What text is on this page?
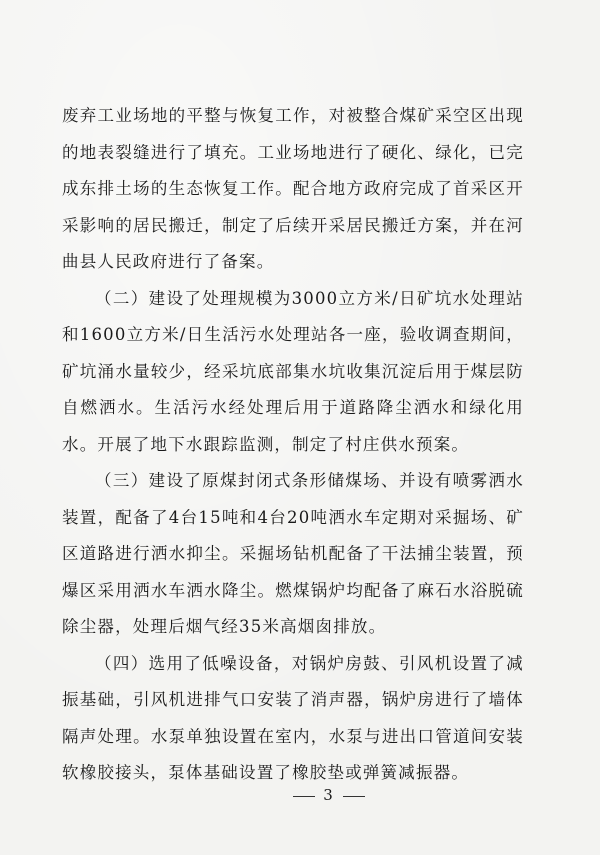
废弃工业场地的平整与恢复工作，对被整合煤矿采空区出现的地表裂缝进行了填充。工业场地进行了硬化、绿化，已完成东排土场的生态恢复工作。配合地方政府完成了首采区开采影响的居民搬迁，制定了后续开采居民搬迁方案，并在河曲县人民政府进行了备案。

（二）建设了处理规模为3000立方米/日矿坑水处理站和1600立方米/日生活污水处理站各一座，验收调查期间，矿坑涌水量较少，经采坑底部集水坑收集沉淀后用于煤层防自燃洒水。生活污水经处理后用于道路降尘洒水和绿化用水。开展了地下水跟踪监测，制定了村庄供水预案。

（三）建设了原煤封闭式条形储煤场、并设有喷雾洒水装置，配备了4台15吨和4台20吨洒水车定期对采掘场、矿区道路进行洒水抑尘。采掘场钻机配备了干法捕尘装置，预爆区采用洒水车洒水降尘。燃煤锅炉均配备了麻石水浴脱硫除尘器，处理后烟气经35米高烟囱排放。

（四）选用了低噪设备，对锅炉房鼓、引风机设置了减振基础，引风机进排气口安装了消声器，锅炉房进行了墙体隔声处理。水泵单独设置在室内，水泵与进出口管道间安装软橡胶接头，泵体基础设置了橡胶垫或弹簧减振器。

3
